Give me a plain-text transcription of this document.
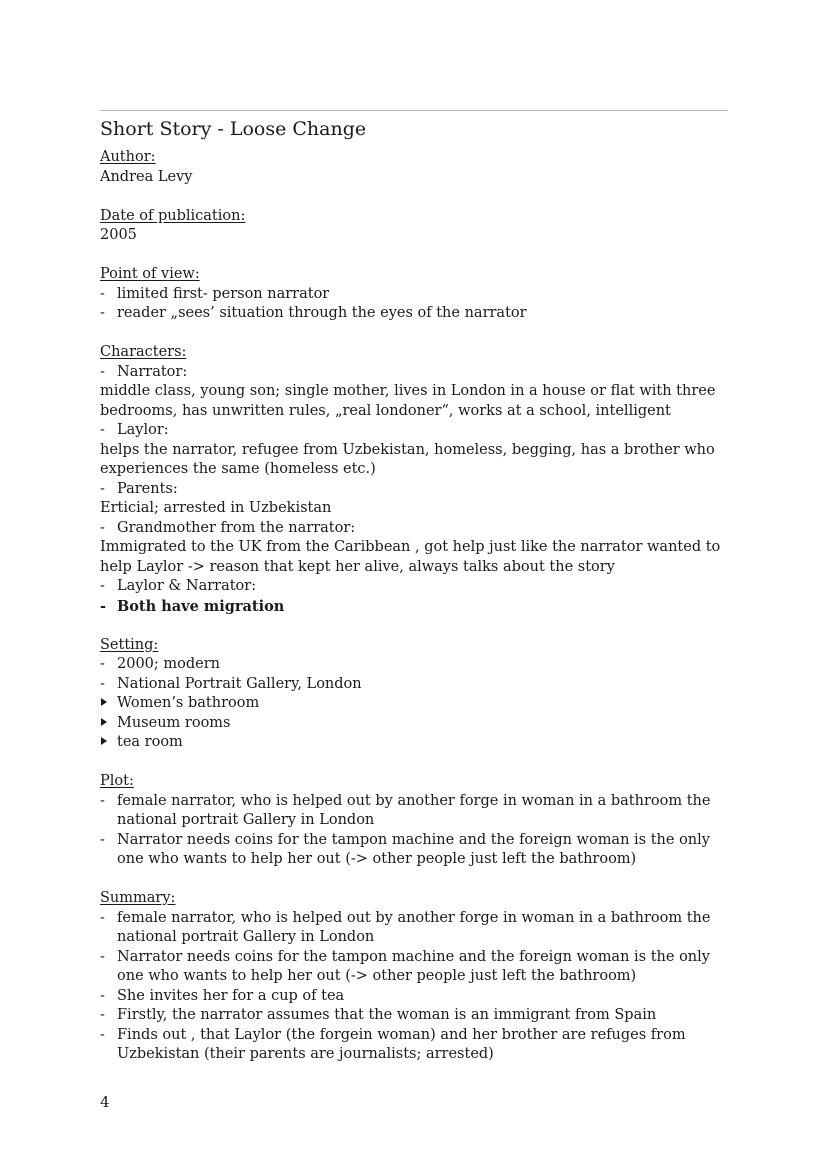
Short Story - Loose Change
Author:
Andrea Levy
Date of publication:
2005
Point of view:
- limited first- person narrator
- reader „sees’ situation through the eyes of the narrator
Characters:
- Narrator:
middle class, young son; single mother, lives in London in a house or flat with three bedrooms, has unwritten rules, „real londoner“, works at a school, intelligent
- Laylor:
helps the narrator, refugee from Uzbekistan, homeless, begging, has a brother who experiences the same (homeless etc.)
- Parents:
Erticial; arrested in Uzbekistan
- Grandmother from the narrator:
Immigrated to the UK from the Caribbean , got help just like the narrator wanted to help Laylor -> reason that kept her alive, always talks about the story
- Laylor & Narrator:
- Both have migration
Setting:
- 2000; modern
- National Portrait Gallery, London
Women’s bathroom
Museum rooms
tea room
Plot:
- female narrator, who is helped out by another forge in woman in a bathroom the national portrait Gallery in London
- Narrator needs coins for the tampon machine and the foreign woman is the only one who wants to help her out (-> other people just left the bathroom)
Summary:
- female narrator, who is helped out by another forge in woman in a bathroom the national portrait Gallery in London
- Narrator needs coins for the tampon machine and the foreign woman is the only one who wants to help her out (-> other people just left the bathroom)
- She invites her for a cup of tea
- Firstly, the narrator assumes that the woman is an immigrant from Spain
- Finds out , that Laylor (the forgein woman) and her brother are refuges from Uzbekistan (their parents are journalists; arrested)
4
